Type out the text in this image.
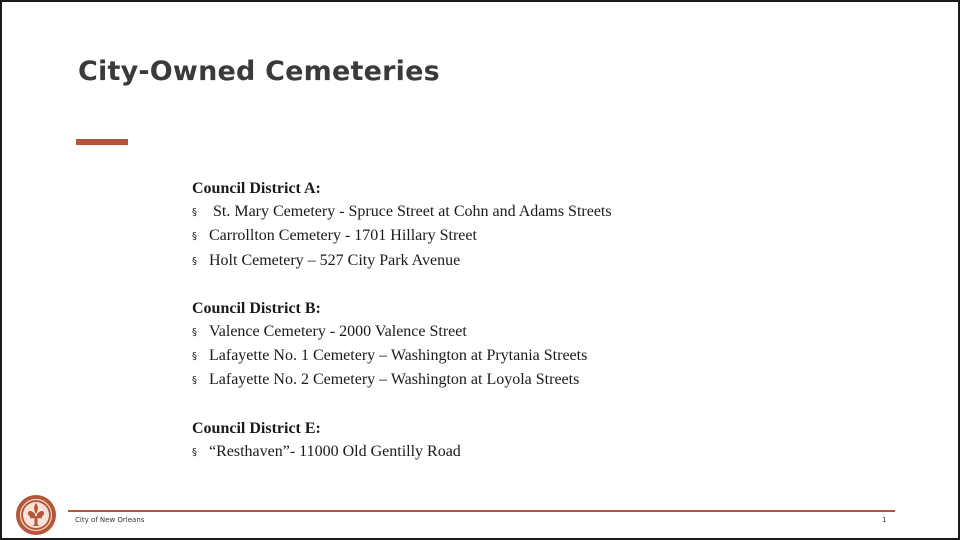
City-Owned Cemeteries
Council District A:
§ St. Mary Cemetery - Spruce Street at Cohn and Adams Streets
§ Carrollton Cemetery - 1701 Hillary Street
§ Holt Cemetery – 527 City Park Avenue
Council District B:
§ Valence Cemetery - 2000 Valence Street
§ Lafayette No. 1 Cemetery – Washington at Prytania Streets
§ Lafayette No. 2 Cemetery – Washington at Loyola Streets
Council District E:
§ “Resthaven”- 11000 Old Gentilly Road
City of New Orleans	1
